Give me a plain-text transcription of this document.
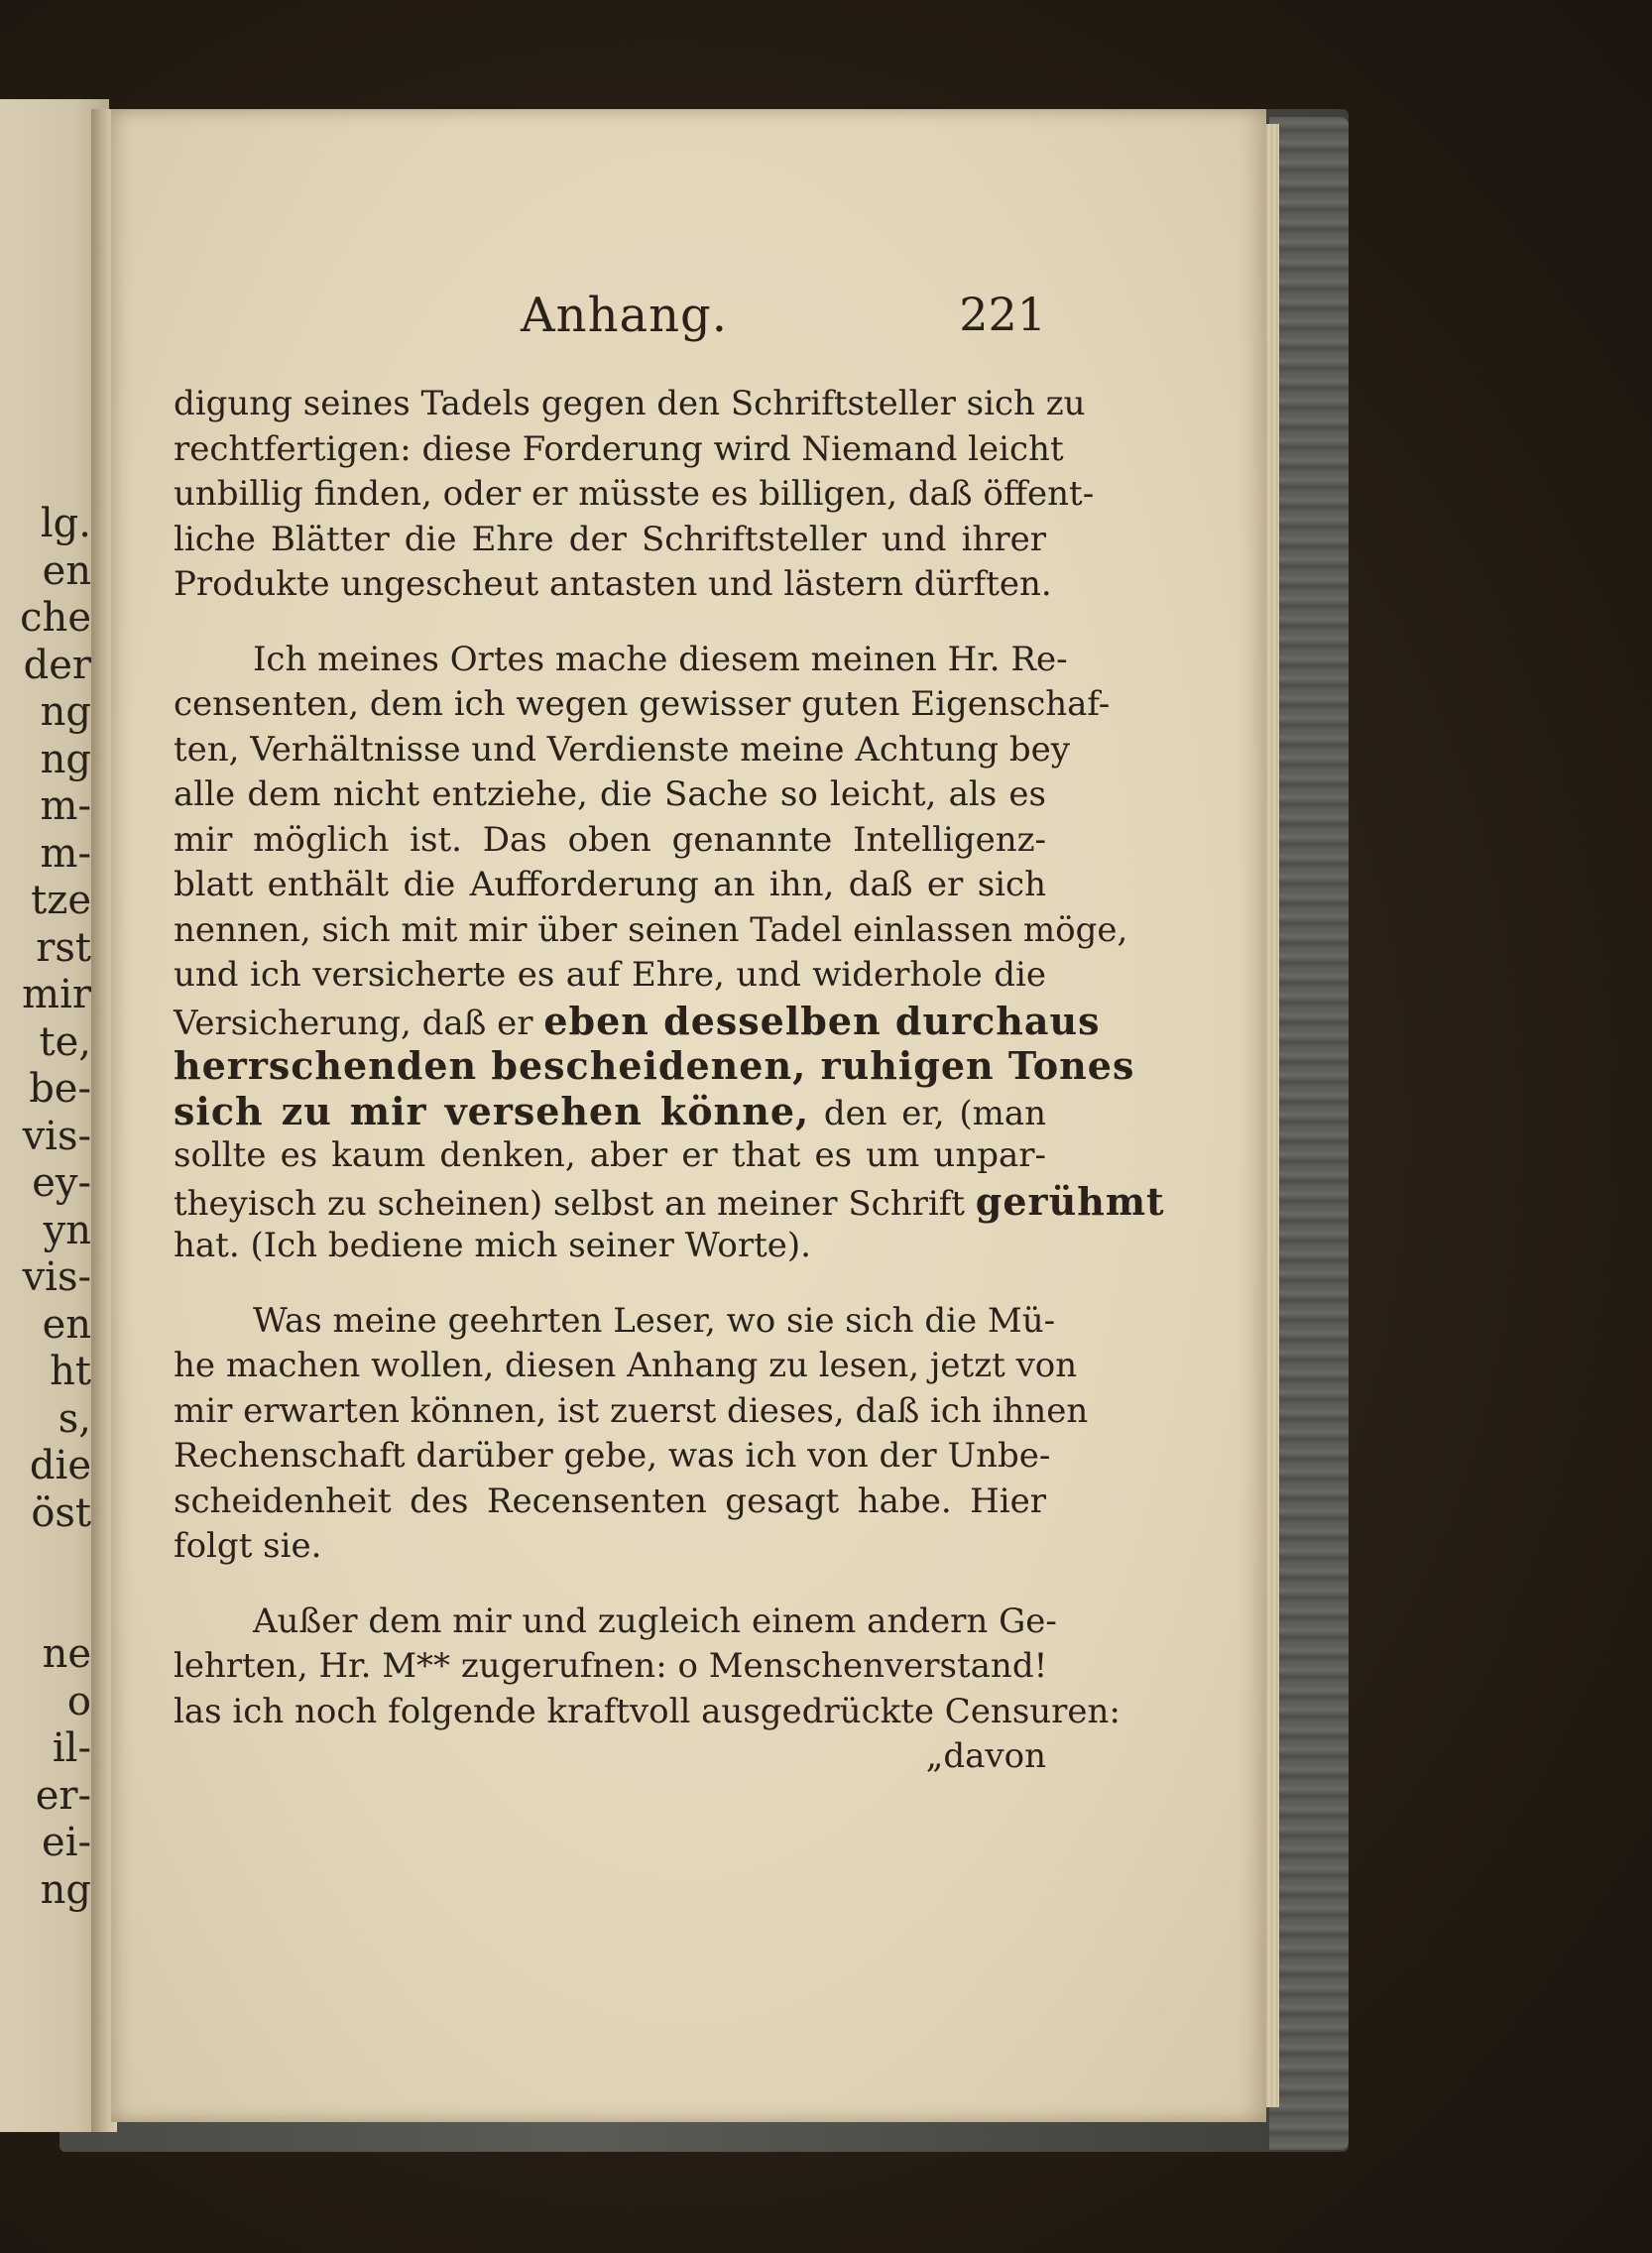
lg.
en
che
der
ng
ng
m-
m-
tze
rst
mir
te,
be-
vis-
ey-
yn
vis-
en
ht
s,
die
öst
ne
o
il-
er-
ei-
ng
Anhang.	221
digung seines Tadels gegen den Schriftsteller sich zu
rechtfertigen: diese Forderung wird Niemand leicht
unbillig finden, oder er müsste es billigen, daß öffent-
liche Blätter die Ehre der Schriftsteller und ihrer
Produkte ungescheut antasten und lästern dürften.
Ich meines Ortes mache diesem meinen Hr. Re-
censenten, dem ich wegen gewisser guten Eigenschaf-
ten, Verhältnisse und Verdienste meine Achtung bey
alle dem nicht entziehe, die Sache so leicht, als es
mir möglich ist. Das oben genannte Intelligenz-
blatt enthält die Aufforderung an ihn, daß er sich
nennen, sich mit mir über seinen Tadel einlassen möge,
und ich versicherte es auf Ehre, und widerhole die
Versicherung, daß er eben desselben durchaus
herrschenden bescheidenen, ruhigen Tones
sich zu mir versehen könne, den er, (man
sollte es kaum denken, aber er that es um unpar-
theyisch zu scheinen) selbst an meiner Schrift gerühmt
hat. (Ich bediene mich seiner Worte).
Was meine geehrten Leser, wo sie sich die Mü-
he machen wollen, diesen Anhang zu lesen, jetzt von
mir erwarten können, ist zuerst dieses, daß ich ihnen
Rechenschaft darüber gebe, was ich von der Unbe-
scheidenheit des Recensenten gesagt habe. Hier
folgt sie.
Außer dem mir und zugleich einem andern Ge-
lehrten, Hr. M** zugerufnen: o Menschenverstand!
las ich noch folgende kraftvoll ausgedrückte Censuren:
„davon
